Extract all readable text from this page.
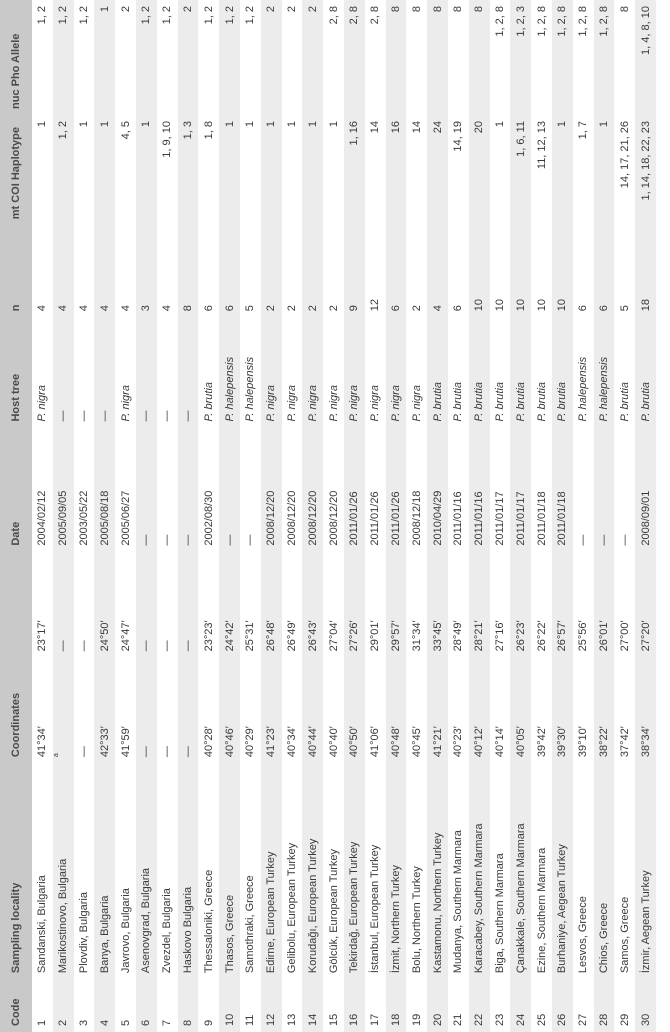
Code	Sampling locality	Coordinates		Date	Host tree	n	mt COI Haplotype	nuc Pho Allele
1	Sandanski, Bulgaria	41°34′	23°17′	2004/02/12	P. nigra	4	1	1, 2
2	Marikostinovo, Bulgaria	a	—	2005/09/05	—	4	1, 2	1, 2
3	Plovdiv, Bulgaria	—	—	2003/05/22	—	4	1	1, 2
4	Banya, Bulgaria	42°33′	24°50′	2005/08/18	—	4	1	1
5	Javrovo, Bulgaria	41°59′	24°47′	2005/06/27	P. nigra	4	4, 5	2
6	Asenovgrad, Bulgaria	—	—	—	—	3	1	1, 2
7	Zvezdel, Bulgaria	—	—	—	—	4	1, 9, 10	1, 2
8	Haskovo Bulgaria	—	—	—	—	8	1, 3	2
9	Thessaloniki, Greece	40°28′	23°23′	2002/08/30	P. brutia	6	1, 8	1, 2
10	Thasos, Greece	40°46′	24°42′	—	P. halepensis	6	1	1, 2
11	Samothraki, Greece	40°29′	25°31′	—	P. halepensis	5	1	1, 2
12	Edirne, European Turkey	41°23′	26°48′	2008/12/20	P. nigra	2	1	2
13	Gelibolu, European Turkey	40°34′	26°49′	2008/12/20	P. nigra	2	1	2
14	Korudağı, European Turkey	40°44′	26°43′	2008/12/20	P. nigra	2	1	2
15	Gölcük, European Turkey	40°40′	27°04′	2008/12/20	P. nigra	2	1	2, 8
16	Tekirdağ, European Turkey	40°50′	27°26′	2011/01/26	P. nigra	9	1, 16	2, 8
17	İstanbul, European Turkey	41°06′	29°01′	2011/01/26	P. nigra	12	14	2, 8
18	İzmit, Northern Turkey	40°48′	29°57′	2011/01/26	P. nigra	6	16	8
19	Bolu, Northern Turkey	40°45′	31°34′	2008/12/18	P. nigra	2	14	8
20	Kastamonu, Northern Turkey	41°21′	33°45′	2010/04/29	P. brutia	4	24	8
21	Mudanya, Southern Marmara	40°23′	28°49′	2011/01/16	P. brutia	6	14, 19	8
22	Karacabey, Southern Marmara	40°12′	28°21′	2011/01/16	P. brutia	10	20	8
23	Biga, Southern Marmara	40°14′	27°16′	2011/01/17	P. brutia	10	1	1, 2, 8
24	Çanakkale, Southern Marmara	40°05′	26°23′	2011/01/17	P. brutia	10	1, 6, 11	1, 2, 3
25	Ezine, Southern Marmara	39°42′	26°22′	2011/01/18	P. brutia	10	11, 12, 13	1, 2, 8
26	Burhaniye, Aegean Turkey	39°30′	26°57′	2011/01/18	P. brutia	10	1	1, 2, 8
27	Lesvos, Greece	39°10′	25°56′	—	P. halepensis	6	1, 7	1, 2, 8
28	Chios, Greece	38°22′	26°01′	—	P. halepensis	6	1	1, 2, 8
29	Samos, Greece	37°42′	27°00′	—	P. brutia	5	14, 17, 21, 26	8
30	İzmir, Aegean Turkey	38°34′	27°20′	2008/09/01	P. brutia	18	1, 14, 18, 22, 23	1, 4, 8, 10
